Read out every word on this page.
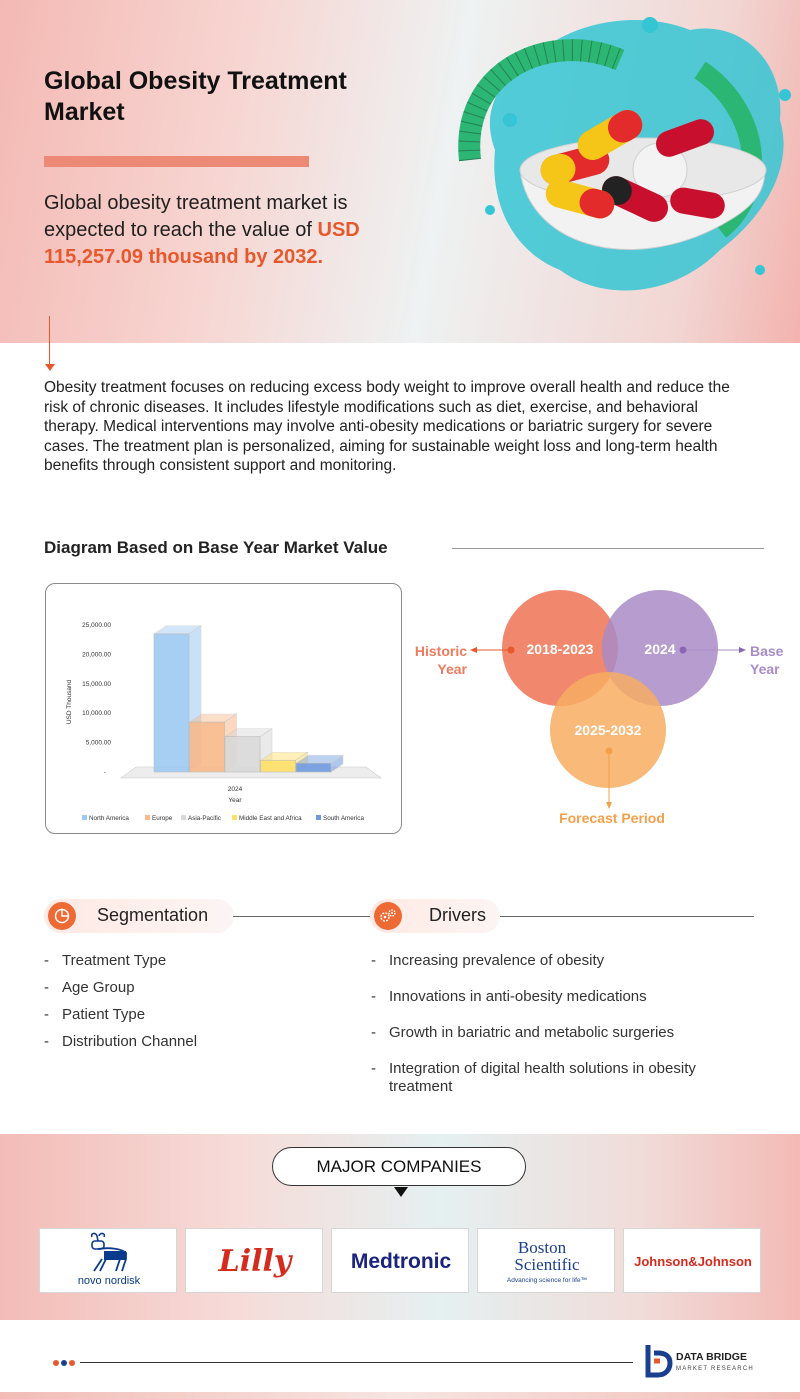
Global Obesity Treatment Market
Global obesity treatment market is expected to reach the value of USD 115,257.09 thousand by 2032.

Obesity treatment focuses on reducing excess body weight to improve overall health and reduce the risk of chronic diseases. It includes lifestyle modifications such as diet, exercise, and behavioral therapy. Medical interventions may involve anti-obesity medications or bariatric surgery for severe cases. The treatment plan is personalized, aiming for sustainable weight loss and long-term health benefits through consistent support and monitoring.

Diagram Based on Base Year Market Value
-
5,000.00
10,000.00
15,000.00
20,000.00
25,000.00
2024
Year
USD Thousand
North America	Europe Asia-Pacific	Middle East and Africa	South America
2018-2023	2024
2025-2032
Historic
Year
Base
Year
Forecast Period
Segmentation
- Treatment Type
- Age Group
- Patient Type
- Distribution Channel
Drivers
- Increasing prevalence of obesity
- Innovations in anti-obesity medications
- Growth in bariatric and metabolic surgeries
- Integration of digital health solutions in obesity treatment
MAJOR COMPANIES
novo nordisk
Lilly	Medtronic
Boston
Scientific
Advancing science for life™
Johnson&Johnson
DATA BRIDGE
MARKET RESEARCH
